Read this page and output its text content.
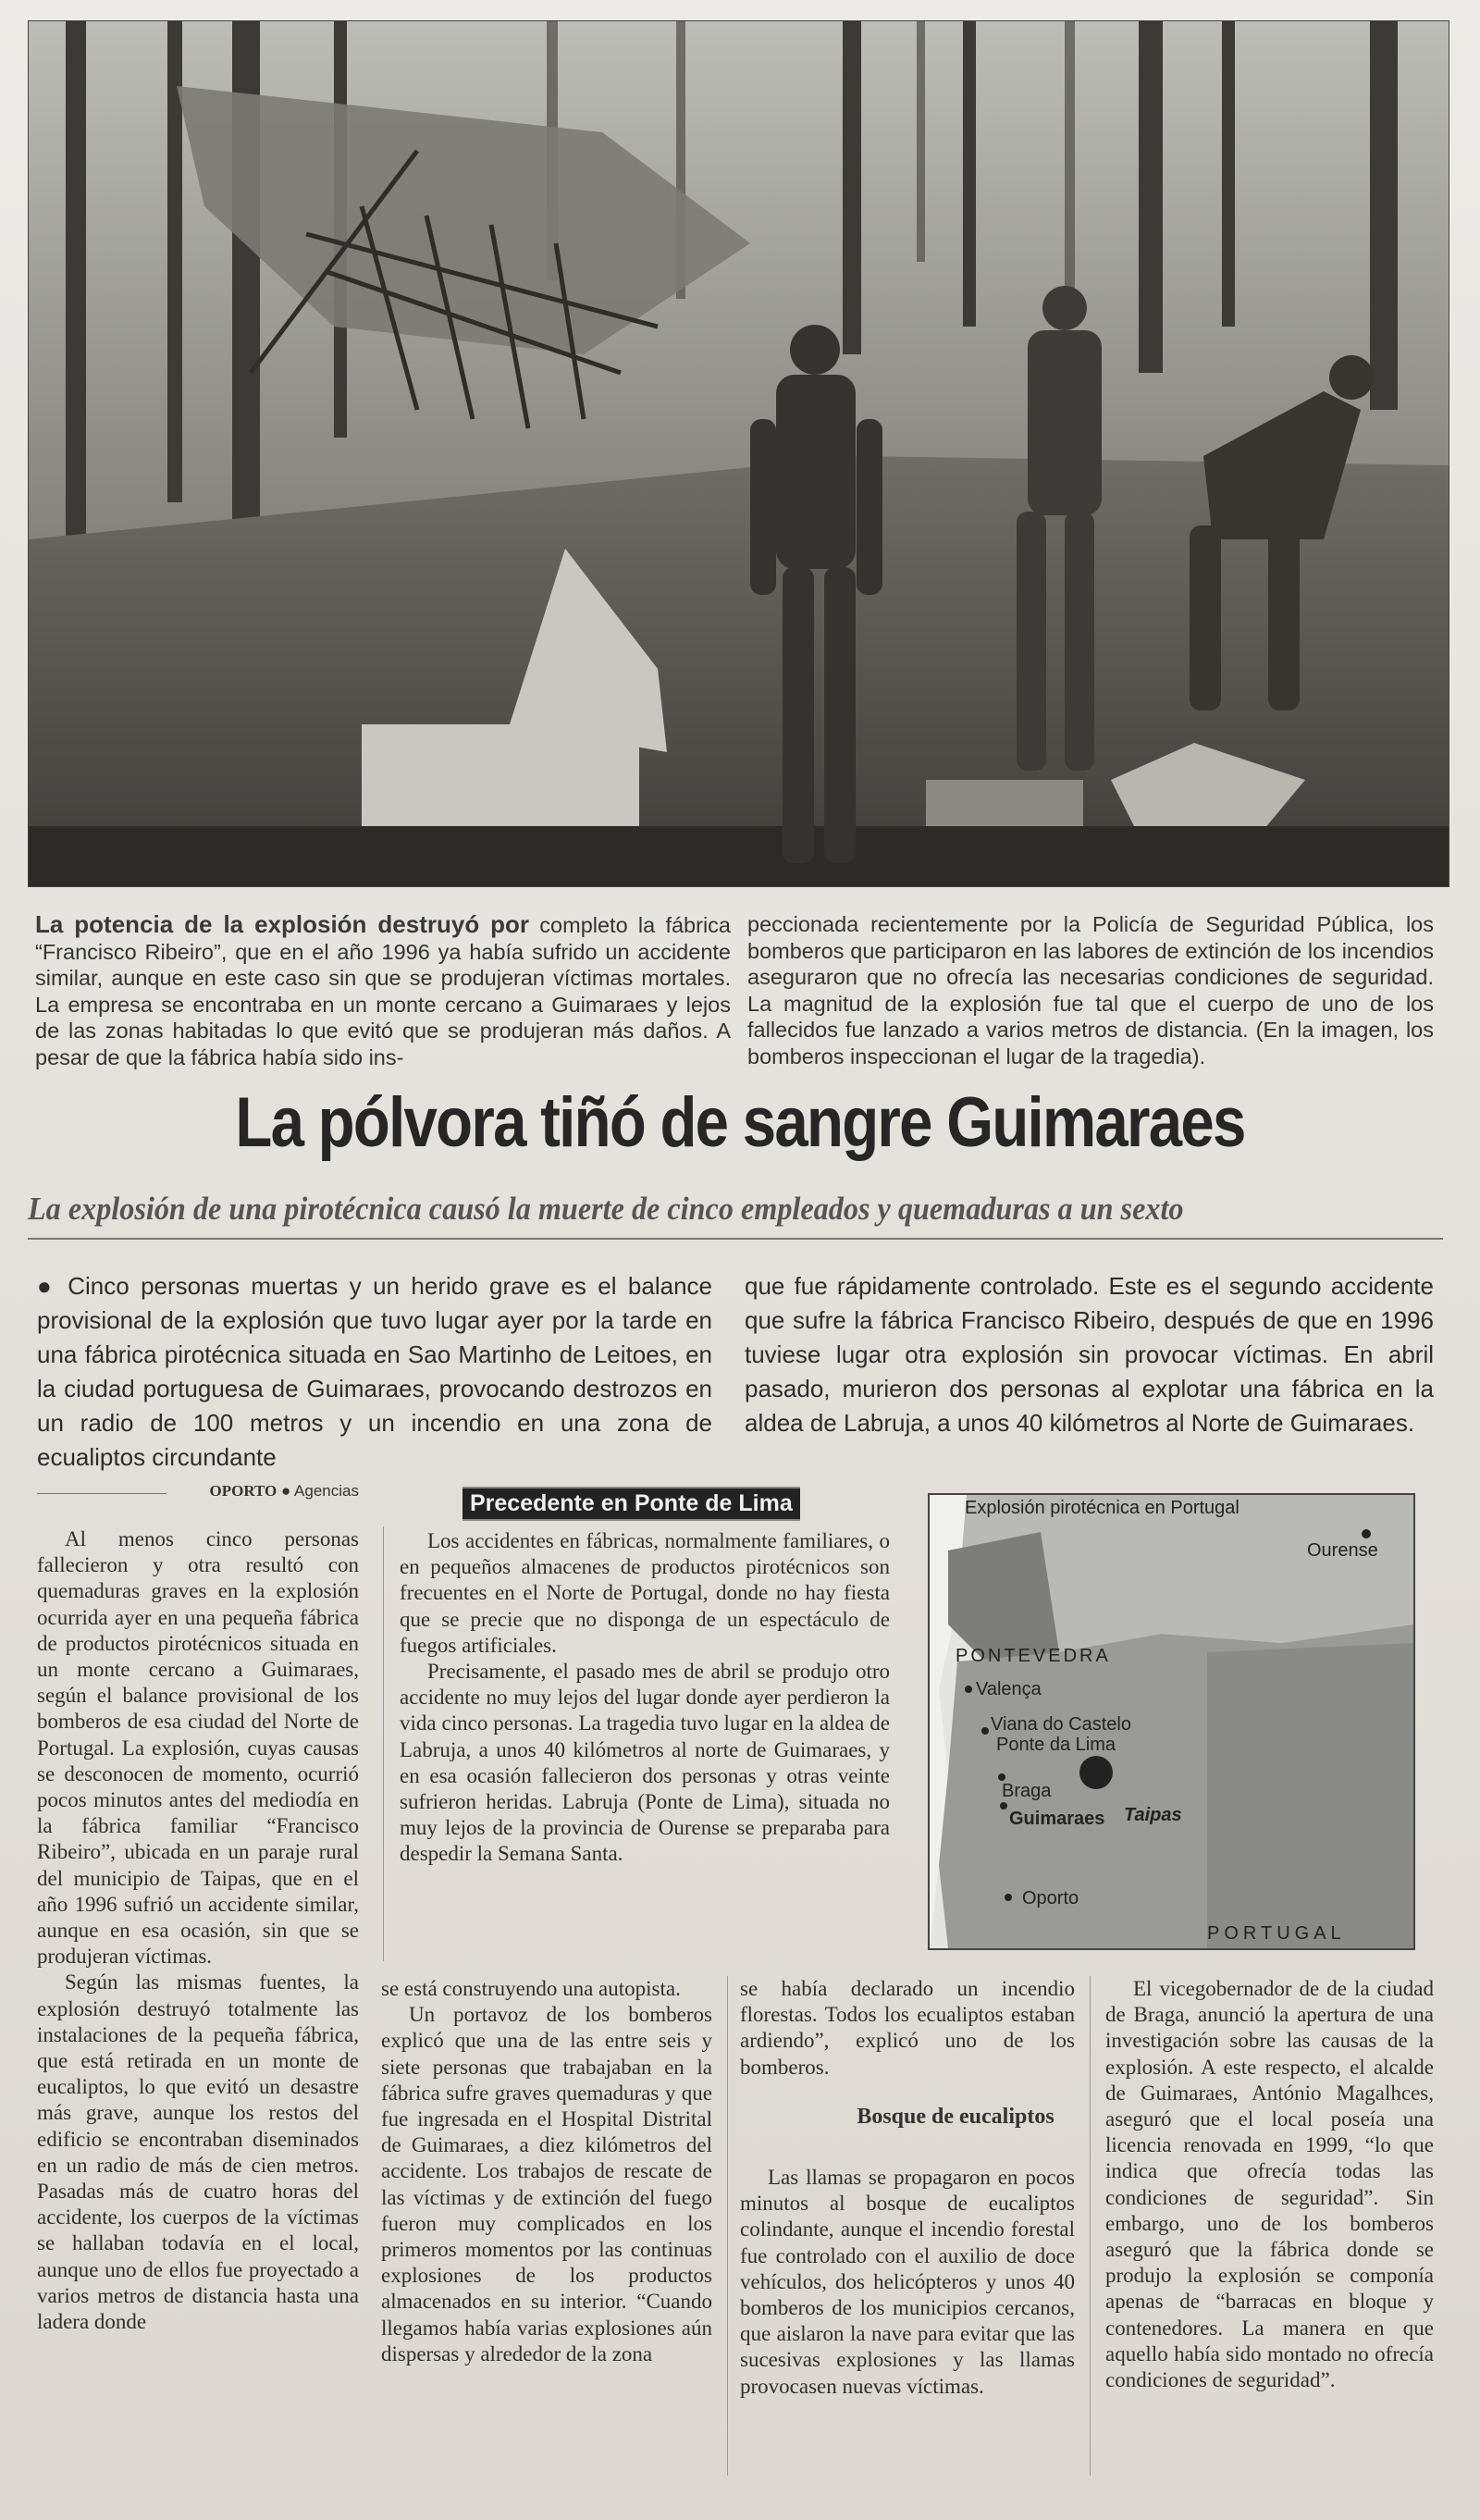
La potencia de la explosión destruyó por completo la fábrica “Francisco Ribeiro”, que en el año 1996 ya había sufrido un accidente similar, aunque en este caso sin que se produjeran víctimas mortales. La empresa se encontraba en un monte cercano a Guimaraes y lejos de las zonas habitadas lo que evitó que se produjeran más daños. A pesar de que la fábrica había sido ins-
peccionada recientemente por la Policía de Seguridad Pública, los bomberos que participaron en las labores de extinción de los incendios aseguraron que no ofrecía las necesarias condiciones de seguridad. La magnitud de la explosión fue tal que el cuerpo de uno de los fallecidos fue lanzado a varios metros de distancia. (En la imagen, los bomberos inspeccionan el lugar de la tragedia).
La pólvora tiñó de sangre Guimaraes
La explosión de una pirotécnica causó la muerte de cinco empleados y quemaduras a un sexto
● Cinco personas muertas y un herido grave es el balance provisional de la explosión que tuvo lugar ayer por la tarde en una fábrica pirotécnica situada en Sao Martinho de Leitoes, en la ciudad portuguesa de Guimaraes, provocando destrozos en un radio de 100 metros y un incendio en una zona de ecualiptos circundante
que fue rápidamente controlado. Este es el segundo accidente que sufre la fábrica Francisco Ribeiro, después de que en 1996 tuviese lugar otra explosión sin provocar víctimas. En abril pasado, murieron dos personas al explotar una fábrica en la aldea de Labruja, a unos 40 kilómetros al Norte de Guimaraes.
OPORTO ● Agencias

Al menos cinco personas fallecieron y otra resultó con quemaduras graves en la explosión ocurrida ayer en una pequeña fábrica de productos pirotécnicos situada en un monte cercano a Guimaraes, según el balance provisional de los bomberos de esa ciudad del Norte de Portugal. La explosión, cuyas causas se desconocen de momento, ocurrió pocos minutos antes del mediodía en la fábrica familiar “Francisco Ribeiro”, ubicada en un paraje rural del municipio de Taipas, que en el año 1996 sufrió un accidente similar, aunque en esa ocasión, sin que se produjeran víctimas.

Según las mismas fuentes, la explosión destruyó totalmente las instalaciones de la pequeña fábrica, que está retirada en un monte de eucaliptos, lo que evitó un desastre más grave, aunque los restos del edificio se encontraban diseminados en un radio de más de cien metros. Pasadas más de cuatro horas del accidente, los cuerpos de la víctimas se hallaban todavía en el local, aunque uno de ellos fue proyectado a varios metros de distancia hasta una ladera donde

Precedente en Ponte de Lima

Los accidentes en fábricas, normalmente familiares, o en pequeños almacenes de productos pirotécnicos son frecuentes en el Norte de Portugal, donde no hay fiesta que se precie que no disponga de un espectáculo de fuegos artificiales.

Precisamente, el pasado mes de abril se produjo otro accidente no muy lejos del lugar donde ayer perdieron la vida cinco personas. La tragedia tuvo lugar en la aldea de Labruja, a unos 40 kilómetros al norte de Guimaraes, y en esa ocasión fallecieron dos personas y otras veinte sufrieron heridas. Labruja (Ponte de Lima), situada no muy lejos de la provincia de Ourense se preparaba para despedir la Semana Santa.

Explosión pirotécnica en Portugal
Ourense
PONTEVEDRA
Valença
Viana do Castelo
Ponte da Lima
Braga
Guimaraes Taipas
Oporto
PORTUGAL

se está construyendo una autopista.

Un portavoz de los bomberos explicó que una de las entre seis y siete personas que trabajaban en la fábrica sufre graves quemaduras y que fue ingresada en el Hospital Distrital de Guimaraes, a diez kilómetros del accidente. Los trabajos de rescate de las víctimas y de extinción del fuego fueron muy complicados en los primeros momentos por las continuas explosiones de los productos almacenados en su interior. “Cuando llegamos había varias explosiones aún dispersas y alrededor de la zona

se había declarado un incendio florestas. Todos los ecualiptos estaban ardiendo”, explicó uno de los bomberos.

Bosque de eucaliptos

Las llamas se propagaron en pocos minutos al bosque de eucaliptos colindante, aunque el incendio forestal fue controlado con el auxilio de doce vehículos, dos helicópteros y unos 40 bomberos de los municipios cercanos, que aislaron la nave para evitar que las sucesivas explosiones y las llamas provocasen nuevas víctimas.

El vicegobernador de de la ciudad de Braga, anunció la apertura de una investigación sobre las causas de la explosión. A este respecto, el alcalde de Guimaraes, António Magalhces, aseguró que el local poseía una licencia renovada en 1999, “lo que indica que ofrecía todas las condiciones de seguridad”. Sin embargo, uno de los bomberos aseguró que la fábrica donde se produjo la explosión se componía apenas de “barracas en bloque y contenedores. La manera en que aquello había sido montado no ofrecía condiciones de seguridad”.
